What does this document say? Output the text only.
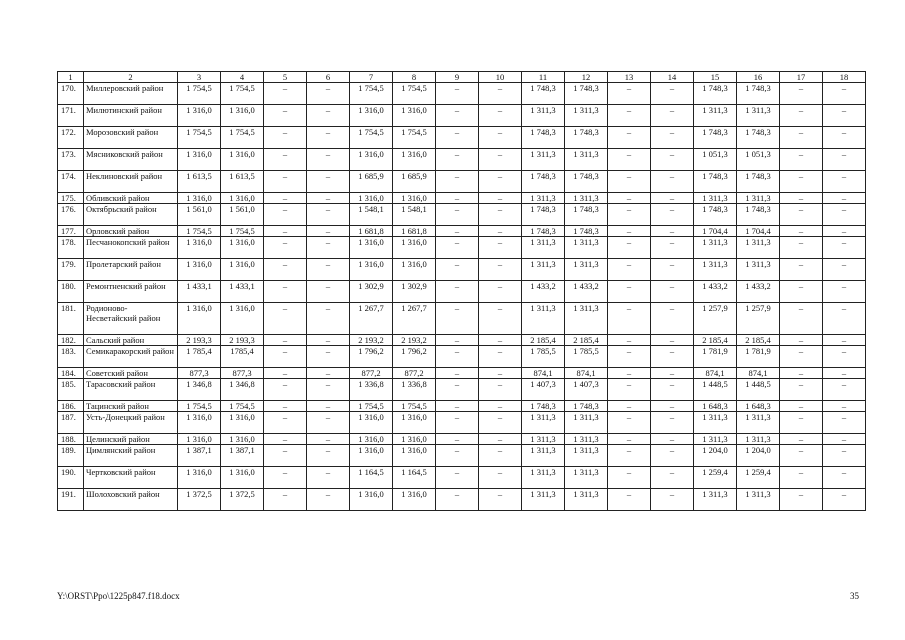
1	2	3	4	5	6	7	8	9	10	11	12	13	14	15	16	17	18
170.	Миллеровский район	1 754,5	1 754,5	–	–	1 754,5	1 754,5	–	–	1 748,3	1 748,3	–	–	1 748,3	1 748,3	–	–
171.	Милютинский район	1 316,0	1 316,0	–	–	1 316,0	1 316,0	–	–	1 311,3	1 311,3	–	–	1 311,3	1 311,3	–	–
172.	Морозовский район	1 754,5	1 754,5	–	–	1 754,5	1 754,5	–	–	1 748,3	1 748,3	–	–	1 748,3	1 748,3	–	–
173.	Мясниковский район	1 316,0	1 316,0	–	–	1 316,0	1 316,0	–	–	1 311,3	1 311,3	–	–	1 051,3	1 051,3	–	–
174.	Неклиновский район	1 613,5	1 613,5	–	–	1 685,9	1 685,9	–	–	1 748,3	1 748,3	–	–	1 748,3	1 748,3	–	–
175.	Обливский район	1 316,0	1 316,0	–	–	1 316,0	1 316,0	–	–	1 311,3	1 311,3	–	–	1 311,3	1 311,3	–	–
176.	Октябрьский район	1 561,0	1 561,0	–	–	1 548,1	1 548,1	–	–	1 748,3	1 748,3	–	–	1 748,3	1 748,3	–	–
177.	Орловский район	1 754,5	1 754,5	–	–	1 681,8	1 681,8	–	–	1 748,3	1 748,3	–	–	1 704,4	1 704,4	–	–
178.	Песчанокопский район	1 316,0	1 316,0	–	–	1 316,0	1 316,0	–	–	1 311,3	1 311,3	–	–	1 311,3	1 311,3	–	–
179.	Пролетарский район	1 316,0	1 316,0	–	–	1 316,0	1 316,0	–	–	1 311,3	1 311,3	–	–	1 311,3	1 311,3	–	–
180.	Ремонтненский район	1 433,1	1 433,1	–	–	1 302,9	1 302,9	–	–	1 433,2	1 433,2	–	–	1 433,2	1 433,2	–	–
181.	Родионово-Несветайский район	1 316,0	1 316,0	–	–	1 267,7	1 267,7	–	–	1 311,3	1 311,3	–	–	1 257,9	1 257,9	–	–
182.	Сальский район	2 193,3	2 193,3	–	–	2 193,2	2 193,2	–	–	2 185,4	2 185,4	–	–	2 185,4	2 185,4	–	–
183.	Семикаракорский район	1 785,4	1785,4	–	–	1 796,2	1 796,2	–	–	1 785,5	1 785,5	–	–	1 781,9	1 781,9	–	–
184.	Советский район	877,3	877,3	–	–	877,2	877,2	–	–	874,1	874,1	–	–	874,1	874,1	–	–
185.	Тарасовский район	1 346,8	1 346,8	–	–	1 336,8	1 336,8	–	–	1 407,3	1 407,3	–	–	1 448,5	1 448,5	–	–
186.	Тацинский район	1 754,5	1 754,5	–	–	1 754,5	1 754,5	–	–	1 748,3	1 748,3	–	–	1 648,3	1 648,3	–	–
187.	Усть-Донецкий район	1 316,0	1 316,0	–	–	1 316,0	1 316,0	–	–	1 311,3	1 311,3	–	–	1 311,3	1 311,3	–	–
188.	Целинский район	1 316,0	1 316,0	–	–	1 316,0	1 316,0	–	–	1 311,3	1 311,3	–	–	1 311,3	1 311,3	–	–
189.	Цимлянский район	1 387,1	1 387,1	–	–	1 316,0	1 316,0	–	–	1 311,3	1 311,3	–	–	1 204,0	1 204,0	–	–
190.	Чертковский район	1 316,0	1 316,0	–	–	1 164,5	1 164,5	–	–	1 311,3	1 311,3	–	–	1 259,4	1 259,4	–	–
191.	Шолоховский район	1 372,5	1 372,5	–	–	1 316,0	1 316,0	–	–	1 311,3	1 311,3	–	–	1 311,3	1 311,3	–	–
Y:\ORST\Ppo\1225p847.f18.docx	35
